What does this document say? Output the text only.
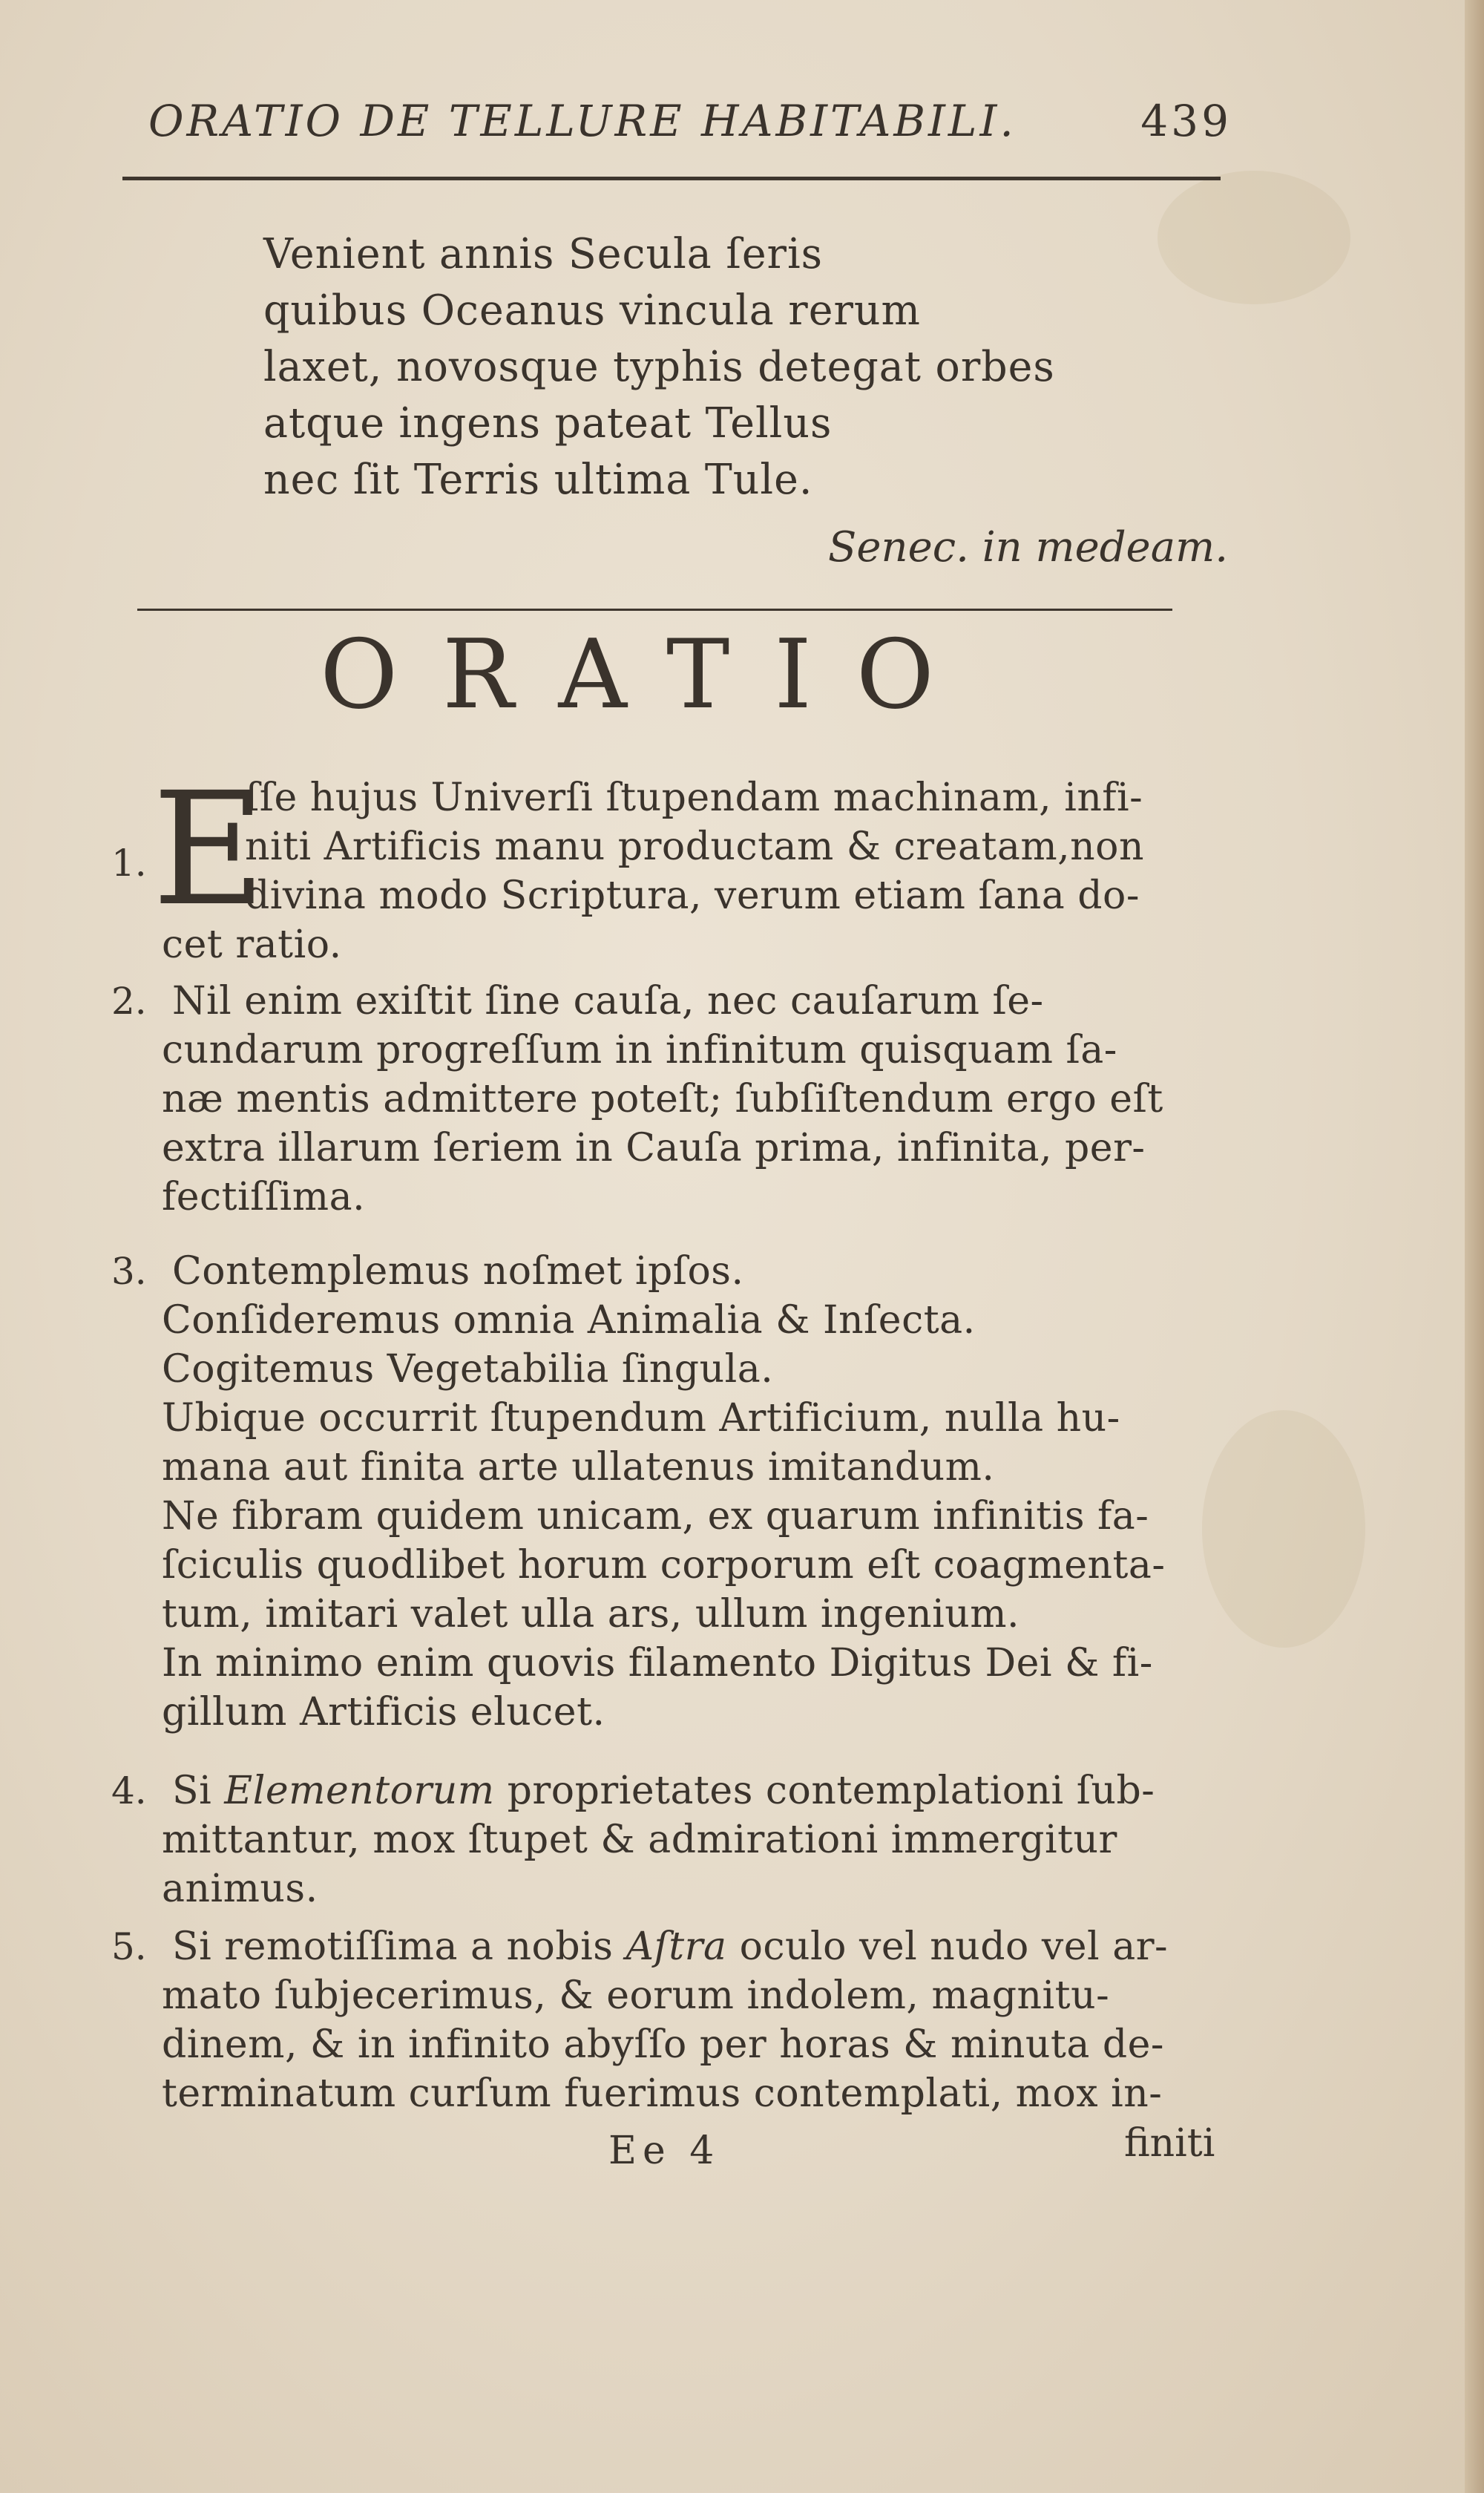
ORATIO DE TELLURE HABITABILI.	439
Venient annis Secula ſeris
quibus Oceanus vincula rerum
laxet, novosque typhis detegat orbes
atque ingens pateat Tellus
nec ſit Terris ultima Tule.
Senec. in medeam.
ORATIO
1. E
ſſe hujus Univerſi ſtupendam machinam, infi-
niti Artificis manu productam & creatam,non
divina modo Scriptura, verum etiam ſana do-
cet ratio.
2. Nil enim exiſtit ſine cauſa, nec cauſarum ſe-
cundarum progreſſum in infinitum quisquam ſa-
næ mentis admittere poteſt; ſubſiſtendum ergo eſt
extra illarum ſeriem in Cauſa prima, infinita, per-
fectiſſima.
3. Contemplemus noſmet ipſos.
Conſideremus omnia Animalia & Inſecta.
Cogitemus Vegetabilia ſingula.
Ubique occurrit ſtupendum Artificium, nulla hu-
mana aut finita arte ullatenus imitandum.
Ne fibram quidem unicam, ex quarum infinitis fa-
ſciculis quodlibet horum corporum eſt coagmenta-
tum, imitari valet ulla ars, ullum ingenium.
In minimo enim quovis filamento Digitus Dei & fi-
gillum Artificis elucet.
4. Si Elementorum proprietates contemplationi ſub-
mittantur, mox ſtupet & admirationi immergitur
animus.
5. Si remotiſſima a nobis Aſtra oculo vel nudo vel ar-
mato ſubjecerimus, & eorum indolem, magnitu-
dinem, & in infinito abyſſo per horas & minuta de-
terminatum curſum fuerimus contemplati, mox in-
Ee 4	finiti
